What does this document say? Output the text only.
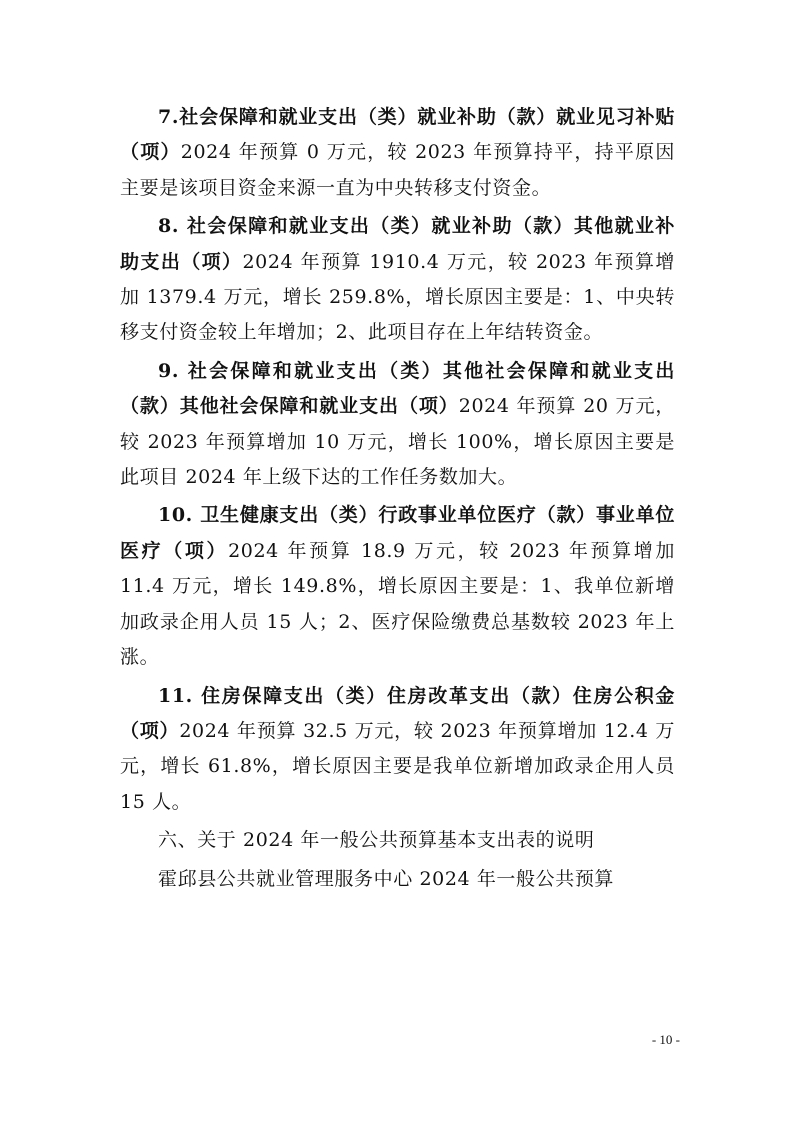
7.社会保障和就业支出（类）就业补助（款）就业见习补贴（项）2024 年预算 0 万元，较 2023 年预算持平，持平原因主要是该项目资金来源一直为中央转移支付资金。

8. 社会保障和就业支出（类）就业补助（款）其他就业补助支出（项）2024 年预算 1910.4 万元，较 2023 年预算增加 1379.4 万元，增长 259.8%，增长原因主要是：1、中央转移支付资金较上年增加；2、此项目存在上年结转资金。

9. 社会保障和就业支出（类）其他社会保障和就业支出（款）其他社会保障和就业支出（项）2024 年预算 20 万元，较 2023 年预算增加 10 万元，增长 100%，增长原因主要是此项目 2024 年上级下达的工作任务数加大。

10. 卫生健康支出（类）行政事业单位医疗（款）事业单位医疗（项）2024 年预算 18.9 万元，较 2023 年预算增加 11.4 万元，增长 149.8%，增长原因主要是：1、我单位新增加政录企用人员 15 人；2、医疗保险缴费总基数较 2023 年上涨。

11. 住房保障支出（类）住房改革支出（款）住房公积金（项）2024 年预算 32.5 万元，较 2023 年预算增加 12.4 万元，增长 61.8%，增长原因主要是我单位新增加政录企用人员 15 人。

六、关于 2024 年一般公共预算基本支出表的说明

霍邱县公共就业管理服务中心 2024 年一般公共预算

- 10 -
